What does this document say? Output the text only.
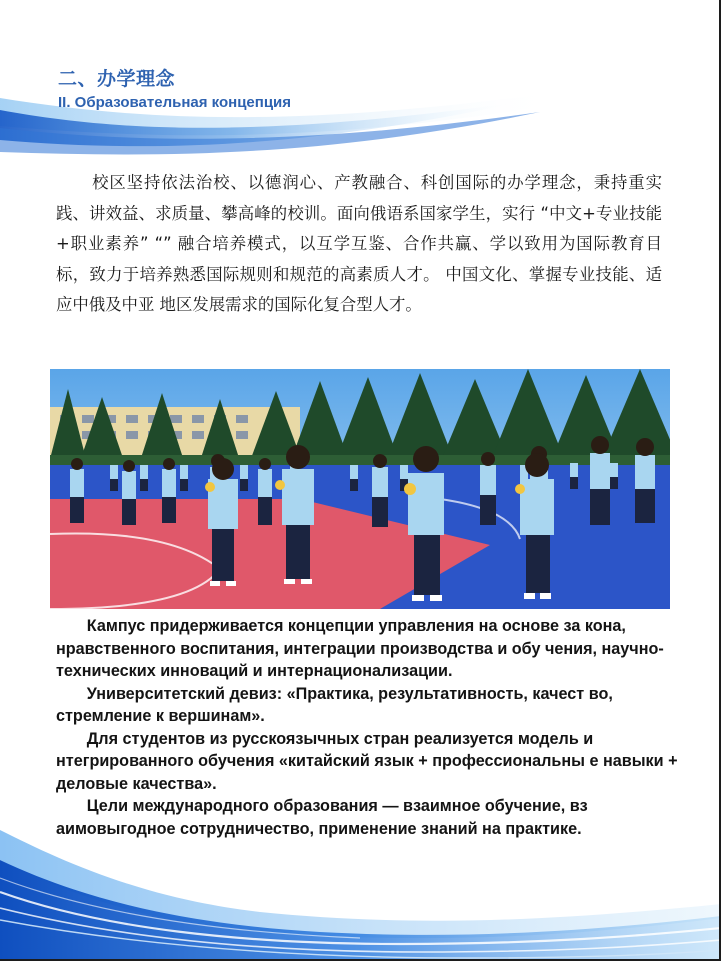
二、办学理念
II. Образовательная концепция

校区坚持依法治校、以德润心、产教融合、科创国际的办学理念，秉持重实践、讲效益、求质量、攀高峰的校训。面向俄语系国家学生，实行 “中文+专业技能+职业素养” “” 融合培养模式，以互学互鉴、合作共赢、学以致用为国际教育目标，致力于培养熟悉国际规则和规范的高素质人才。 中国文化、掌握专业技能、适应中俄及中亚 地区发展需求的国际化复合型人才。

Кампус придерживается концепции управления на основе за кона, нравственного воспитания, интеграции производства и обу чения, научно-технических инноваций и интернационализации.

Университетский девиз: «Практика, результативность, качест во, стремление к вершинам».

Для студентов из русскоязычных стран реализуется модель и нтегрированного обучения «китайский язык + профессиональны е навыки + деловые качества».

Цели международного образования — взаимное обучение, вз аимовыгодное сотрудничество, применение знаний на практике.
